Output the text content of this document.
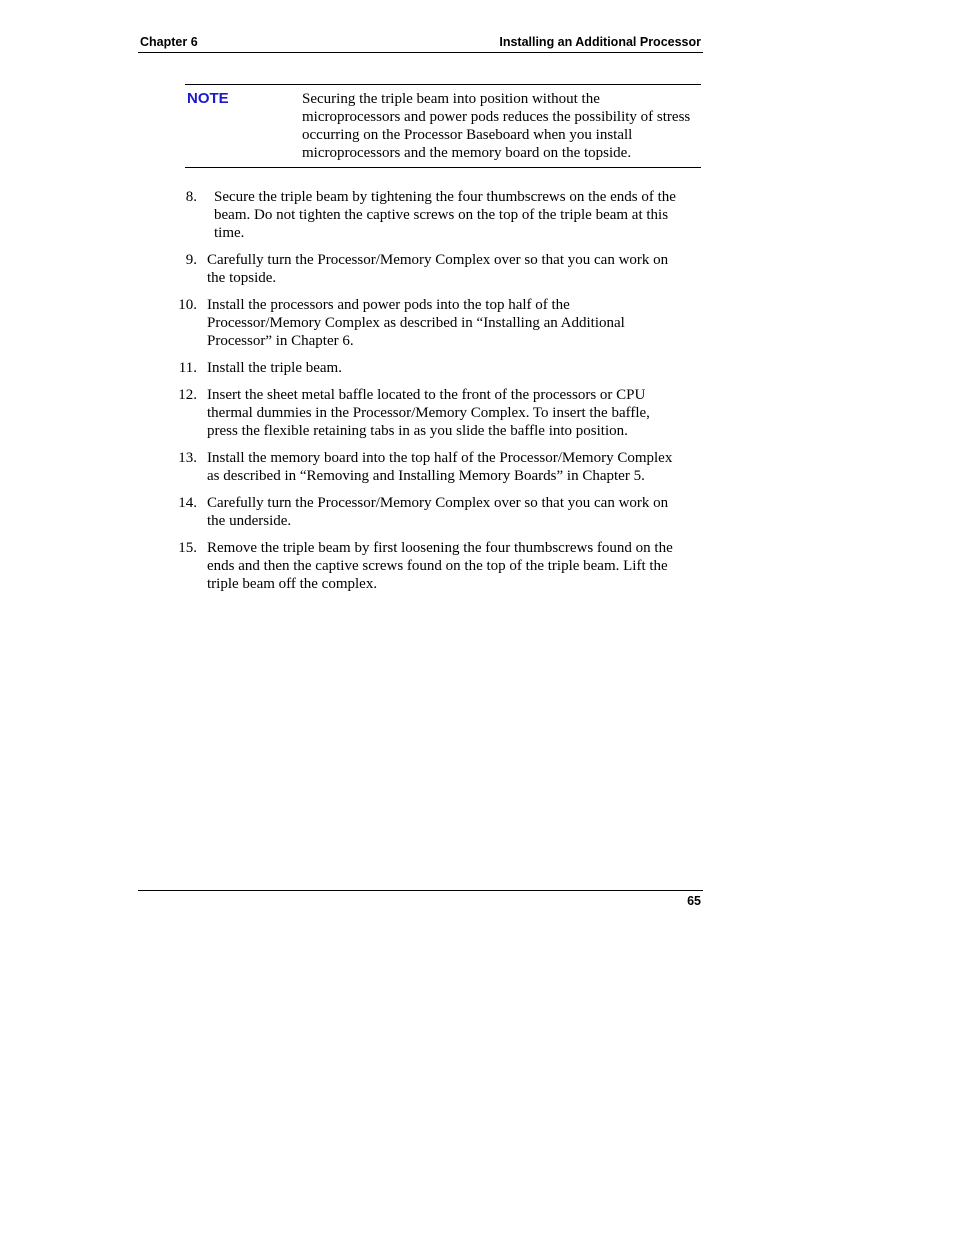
Chapter 6	Installing an Additional Processor
NOTE	Securing the triple beam into position without the microprocessors and power pods reduces the possibility of stress occurring on the Processor Baseboard when you install microprocessors and the memory board on the topside.
8. Secure the triple beam by tightening the four thumbscrews on the ends of the beam. Do not tighten the captive screws on the top of the triple beam at this time.
9. Carefully turn the Processor/Memory Complex over so that you can work on the topside.
10. Install the processors and power pods into the top half of the Processor/Memory Complex as described in “Installing an Additional Processor” in Chapter 6.
11. Install the triple beam.
12. Insert the sheet metal baffle located to the front of the processors or CPU thermal dummies in the Processor/Memory Complex. To insert the baffle, press the flexible retaining tabs in as you slide the baffle into position.
13. Install the memory board into the top half of the Processor/Memory Complex as described in “Removing and Installing Memory Boards” in Chapter 5.
14. Carefully turn the Processor/Memory Complex over so that you can work on the underside.
15. Remove the triple beam by first loosening the four thumbscrews found on the ends and then the captive screws found on the top of the triple beam. Lift the triple beam off the complex.
65
